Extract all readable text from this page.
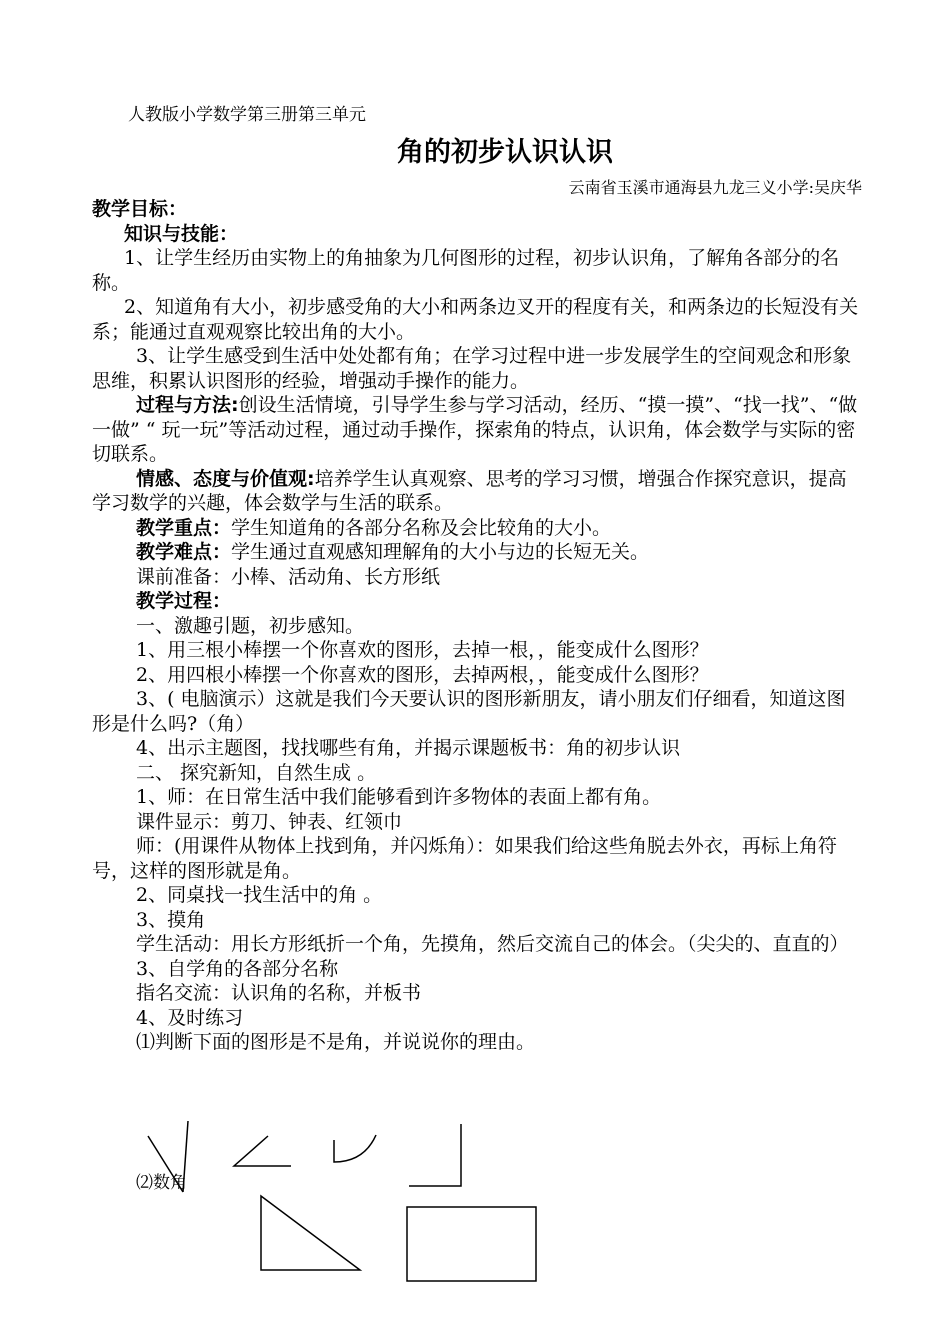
人教版小学数学第三册第三单元
角的初步认识认识
云南省玉溪市通海县九龙三义小学:吴庆华

教学目标：

知识与技能：

1、让学生经历由实物上的角抽象为几何图形的过程，初步认识角，了解角各部分的名称。

2、知道角有大小，初步感受角的大小和两条边叉开的程度有关，和两条边的长短没有关系；能通过直观观察比较出角的大小。

3、让学生感受到生活中处处都有角；在学习过程中进一步发展学生的空间观念和形象思维，积累认识图形的经验，增强动手操作的能力。

过程与方法:创设生活情境，引导学生参与学习活动，经历、“摸一摸”、“找一找”、“做一做” “ 玩一玩”等活动过程，通过动手操作，探索角的特点，认识角，体会数学与实际的密切联系。

情感、态度与价值观:培养学生认真观察、思考的学习习惯，增强合作探究意识，提高学习数学的兴趣，体会数学与生活的联系。

教学重点：学生知道角的各部分名称及会比较角的大小。

教学难点：学生通过直观感知理解角的大小与边的长短无关。

课前准备：小棒、活动角、长方形纸

教学过程：

一、激趣引题，初步感知。

1、用三根小棒摆一个你喜欢的图形，去掉一根，，能变成什么图形？

2、用四根小棒摆一个你喜欢的图形，去掉两根，，能变成什么图形？

3、( 电脑演示）这就是我们今天要认识的图形新朋友，请小朋友们仔细看，知道这图形是什么吗?（角）

4、出示主题图，找找哪些有角，并揭示课题板书：角的初步认识

二、 探究新知，自然生成 。

1、师：在日常生活中我们能够看到许多物体的表面上都有角。

课件显示：剪刀、钟表、红领巾

师：(用课件从物体上找到角，并闪烁角）：如果我们给这些角脱去外衣，再标上角符号，这样的图形就是角。

2、同桌找一找生活中的角 。

3、摸角

学生活动：用长方形纸折一个角，先摸角，然后交流自己的体会。（尖尖的、直直的）

3、自学角的各部分名称

指名交流：认识角的名称，并板书

4、及时练习

⑴判断下面的图形是不是角，并说说你的理由。

⑵数角
